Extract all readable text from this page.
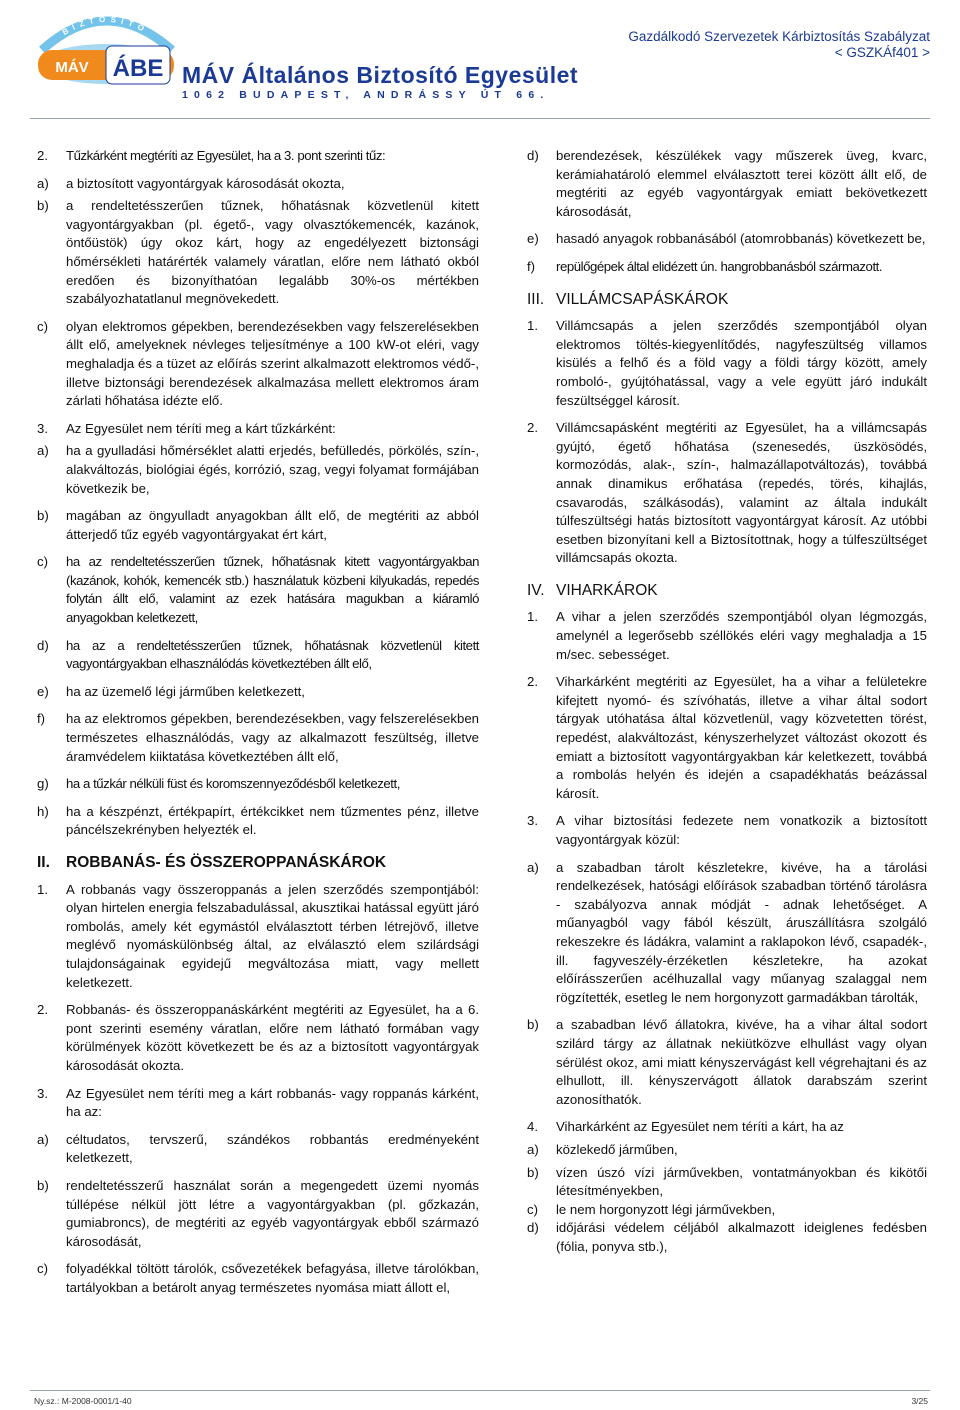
BIZTOSÍTÓ
MÁV ÁBE MÁV Általános Biztosító Egyesület
1062 BUDAPEST, ANDRÁSSY ÚT 66.
Gazdálkodó Szervezetek Kárbiztosítás Szabályzat
< GSZKÁf401 >
2.	Tűzkárként megtéríti az Egyesület, ha a 3. pont szerinti tűz:
a)	a biztosított vagyontárgyak károsodását okozta,
b)	a rendeltetésszerűen tűznek, hőhatásnak közvetlenül kitett vagyontárgyakban (pl. égető-, vagy olvasztókemencék, kazánok, öntőüstök) úgy okoz kárt, hogy az engedélyezett biztonsági hőmérsékleti határérték valamely váratlan, előre nem látható okból eredően és bizonyíthatóan legalább 30%-os mértékben szabályozhatatlanul megnövekedett.
c)	olyan elektromos gépekben, berendezésekben vagy felszerelésekben állt elő, amelyeknek névleges teljesítménye a 100 kW-ot eléri, vagy meghaladja és a tüzet az előírás szerint alkalmazott elektromos védő-, illetve biztonsági berendezések alkalmazása mellett elektromos áram zárlati hőhatása idézte elő.
3.	Az Egyesület nem téríti meg a kárt tűzkárként:
a)	ha a gyulladási hőmérséklet alatti erjedés, befülledés, pörkölés, szín-, alakváltozás, biológiai égés, korrózió, szag, vegyi folyamat formájában következik be,
b)	magában az öngyulladt anyagokban állt elő, de megtériti az abból átterjedő tűz egyéb vagyontárgyakat ért kárt,
c)	ha az rendeltetésszerűen tűznek, hőhatásnak kitett vagyontárgyakban (kazánok, kohók, kemencék stb.) használatuk közbeni kilyukadás, repedés folytán állt elő, valamint az ezek hatására magukban a kiáramló anyagokban keletkezett,
d)	ha az a rendeltetésszerűen tűznek, hőhatásnak közvetlenül kitett vagyontárgyakban elhasználódás következtében állt elő,
e)	ha az üzemelő légi járműben keletkezett,
f)	ha az elektromos gépekben, berendezésekben, vagy felszerelésekben természetes elhasználódás, vagy az alkalmazott feszültség, illetve áramvédelem kiiktatása következtében állt elő,
g)	ha a tűzkár nélküli füst és koromszennyeződésből keletkezett,
h)	ha a készpénzt, értékpapírt, értékcikket nem tűzmentes pénz, illetve páncélszekrényben helyezték el.
II.	ROBBANÁS- ÉS ÖSSZEROPPANÁSKÁROK
1.	A robbanás vagy összeroppanás a jelen szerződés szempontjából: olyan hirtelen energia felszabadulással, akusztikai hatással együtt járó rombolás, amely két egymástól elválasztott térben létrejövő, illetve meglévő nyomáskülönbség által, az elválasztó elem szilárdsági tulajdonságainak egyidejű megváltozása miatt, vagy mellett keletkezett.
2.	Robbanás- és összeroppanáskárként megtériti az Egyesület, ha a 6. pont szerinti esemény váratlan, előre nem látható formában vagy körülmények között következett be és az a biztosított vagyontárgyak károsodását okozta.
3.	Az Egyesület nem téríti meg a kárt robbanás- vagy roppanás kárként, ha az:
a)	céltudatos, tervszerű, szándékos robbantás eredményeként keletkezett,
b)	rendeltetésszerű használat során a megengedett üzemi nyomás túllépése nélkül jött létre a vagyontárgyakban (pl. gőzkazán, gumiabroncs), de megtériti az egyéb vagyontárgyak ebből származó károsodását,
c)	folyadékkal töltött tárolók, csővezetékek befagyása, illetve tárolókban, tartályokban a betárolt anyag természetes nyomása miatt állott el,
d)	berendezések, készülékek vagy műszerek üveg, kvarc, kerámiahatároló elemmel elválasztott terei között állt elő, de megtériti az egyéb vagyontárgyak emiatt bekövetkezett károsodását,
e)	hasadó anyagok robbanásából (atomrobbanás) következett be,
f)	repülőgépek által elidézett ún. hangrobbanásból származott.
III. VILLÁMCSAPÁSKÁROK
1.	Villámcsapás a jelen szerződés szempontjából olyan elektromos töltés-kiegyenlítődés, nagyfeszültség villamos kisülés a felhő és a föld vagy a földi tárgy között, amely romboló-, gyújtóhatással, vagy a vele együtt járó indukált feszültséggel károsít.
2.	Villámcsapásként megtériti az Egyesület, ha a villámcsapás gyújtó, égető hőhatása (szenesedés, üszkösödés, kormozódás, alak-, szín-, halmazállapotváltozás), továbbá annak dinamikus erőhatása (repedés, törés, kihajlás, csavarodás, szálkásodás), valamint az általa indukált túlfeszültségi hatás biztosított vagyontárgyat károsít. Az utóbbi esetben bizonyítani kell a Biztosítottnak, hogy a túlfeszültséget villámcsapás okozta.
IV. VIHARKÁROK
1.	A vihar a jelen szerződés szempontjából olyan légmozgás, amelynél a legerősebb széllökés eléri vagy meghaladja a 15 m/sec. sebességet.
2.	Viharkárként megtériti az Egyesület, ha a vihar a felületekre kifejtett nyomó- és szívóhatás, illetve a vihar által sodort tárgyak utóhatása által közvetlenül, vagy közvetetten törést, repedést, alakváltozást, kényszerhelyzet változást okozott és emiatt a biztosított vagyontárgyakban kár keletkezett, továbbá a rombolás helyén és idején a csapadékhatás beázással károsít.
3.	A vihar biztosítási fedezete nem vonatkozik a biztosított vagyontárgyak közül:
a)	a szabadban tárolt készletekre, kivéve, ha a tárolási rendelkezések, hatósági előírások szabadban történő tárolásra - szabályozva annak módját - adnak lehetőséget. A műanyagból vagy fából készült, áruszállításra szolgáló rekeszekre és ládákra, valamint a raklapokon lévő, csapadék-, ill. fagyveszély-érzéketlen készletekre, ha azokat előírásszerűen acélhuzallal vagy műanyag szalaggal nem rögzítették, esetleg le nem horgonyzott garmadákban tárolták,
b)	a szabadban lévő állatokra, kivéve, ha a vihar által sodort szilárd tárgy az állatnak nekiütközve elhullást vagy olyan sérülést okoz, ami miatt kényszervágást kell végrehajtani és az elhullott, ill. kényszervágott állatok darabszám szerint azonosíthatók.
4.	Viharkárként az Egyesület nem téríti a kárt, ha az
a)	közlekedő járműben,
b)	vízen úszó vízi járművekben, vontatmányokban és kikötői létesítményekben,
c)	le nem horgonyzott légi járművekben,
d)	időjárási védelem céljából alkalmazott ideiglenes fedésben (fólia, ponyva stb.),
Ny.sz.: M-2008-0001/1-40	3/25
